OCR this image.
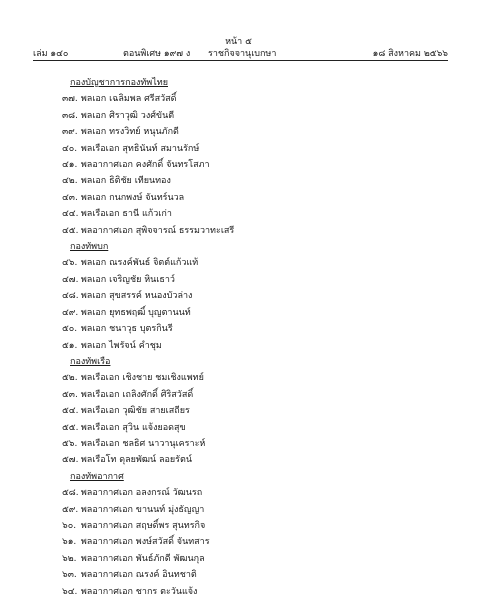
หน้า ๕
เล่ม ๑๔๐	ตอนพิเศษ ๑๙๗ ง ราชกิจจานุเบกษา	๑๘ สิงหาคม ๒๕๖๖
กองบัญชาการกองทัพไทย
๓๗. พลเอก เฉลิมพล ศรีสวัสดิ์
๓๘. พลเอก ศิราวุฒิ วงศ์ขันตี
๓๙. พลเอก ทรงวิทย์ หนุนภักดี
๔๐. พลเรือเอก สุทธินันท์ สมานรักษ์
๔๑. พลอากาศเอก คงศักดิ์ จันทรโสภา
๔๒. พลเอก ธิติชัย เทียนทอง
๔๓. พลเอก กนกพงษ์ จันทร์นวล
๔๔. พลเรือเอก ธานี แก้วเก่า
๔๕. พลอากาศเอก สุพิจจารณ์ ธรรมวาทะเสรี
กองทัพบก
๔๖. พลเอก ณรงค์พันธ์ จิตต์แก้วแท้
๔๗. พลเอก เจริญชัย หินเธาว์
๔๘. พลเอก สุขสรรค์ หนองบัวล่าง
๔๙. พลเอก ยุทธพฤฒิ์ บุญตานนท์
๕๐. พลเอก ชนาวุธ บุตรกินรี
๕๑. พลเอก ไพรัจน์ คำชุม
กองทัพเรือ
๕๒. พลเรือเอก เชิงชาย ชมเชิงแพทย์
๕๓. พลเรือเอก เถลิงศักดิ์ ศิริสวัสดิ์
๕๔. พลเรือเอก วุฒิชัย สายเสถียร
๕๕. พลเรือเอก สุวิน แจ้งยอดสุข
๕๖. พลเรือเอก ชลธิศ นาวานุเคราะห์
๕๗. พลเรือโท ดุลยพัฒน์ ลอยรัตน์
กองทัพอากาศ
๕๘. พลอากาศเอก อลงกรณ์ วัฒนรถ
๕๙. พลอากาศเอก ขานนท์ มุ่งธัญญา
๖๐. พลอากาศเอก สฤษดิ์พร สุนทรกิจ
๖๑. พลอากาศเอก พงษ์สวัสดิ์ จันทสาร
๖๒. พลอากาศเอก พันธ์ภักดี พัฒนกุล
๖๓. พลอากาศเอก ณรงค์ อินทชาติ
๖๔. พลอากาศเอก ชากร ตะวันแจ้ง
